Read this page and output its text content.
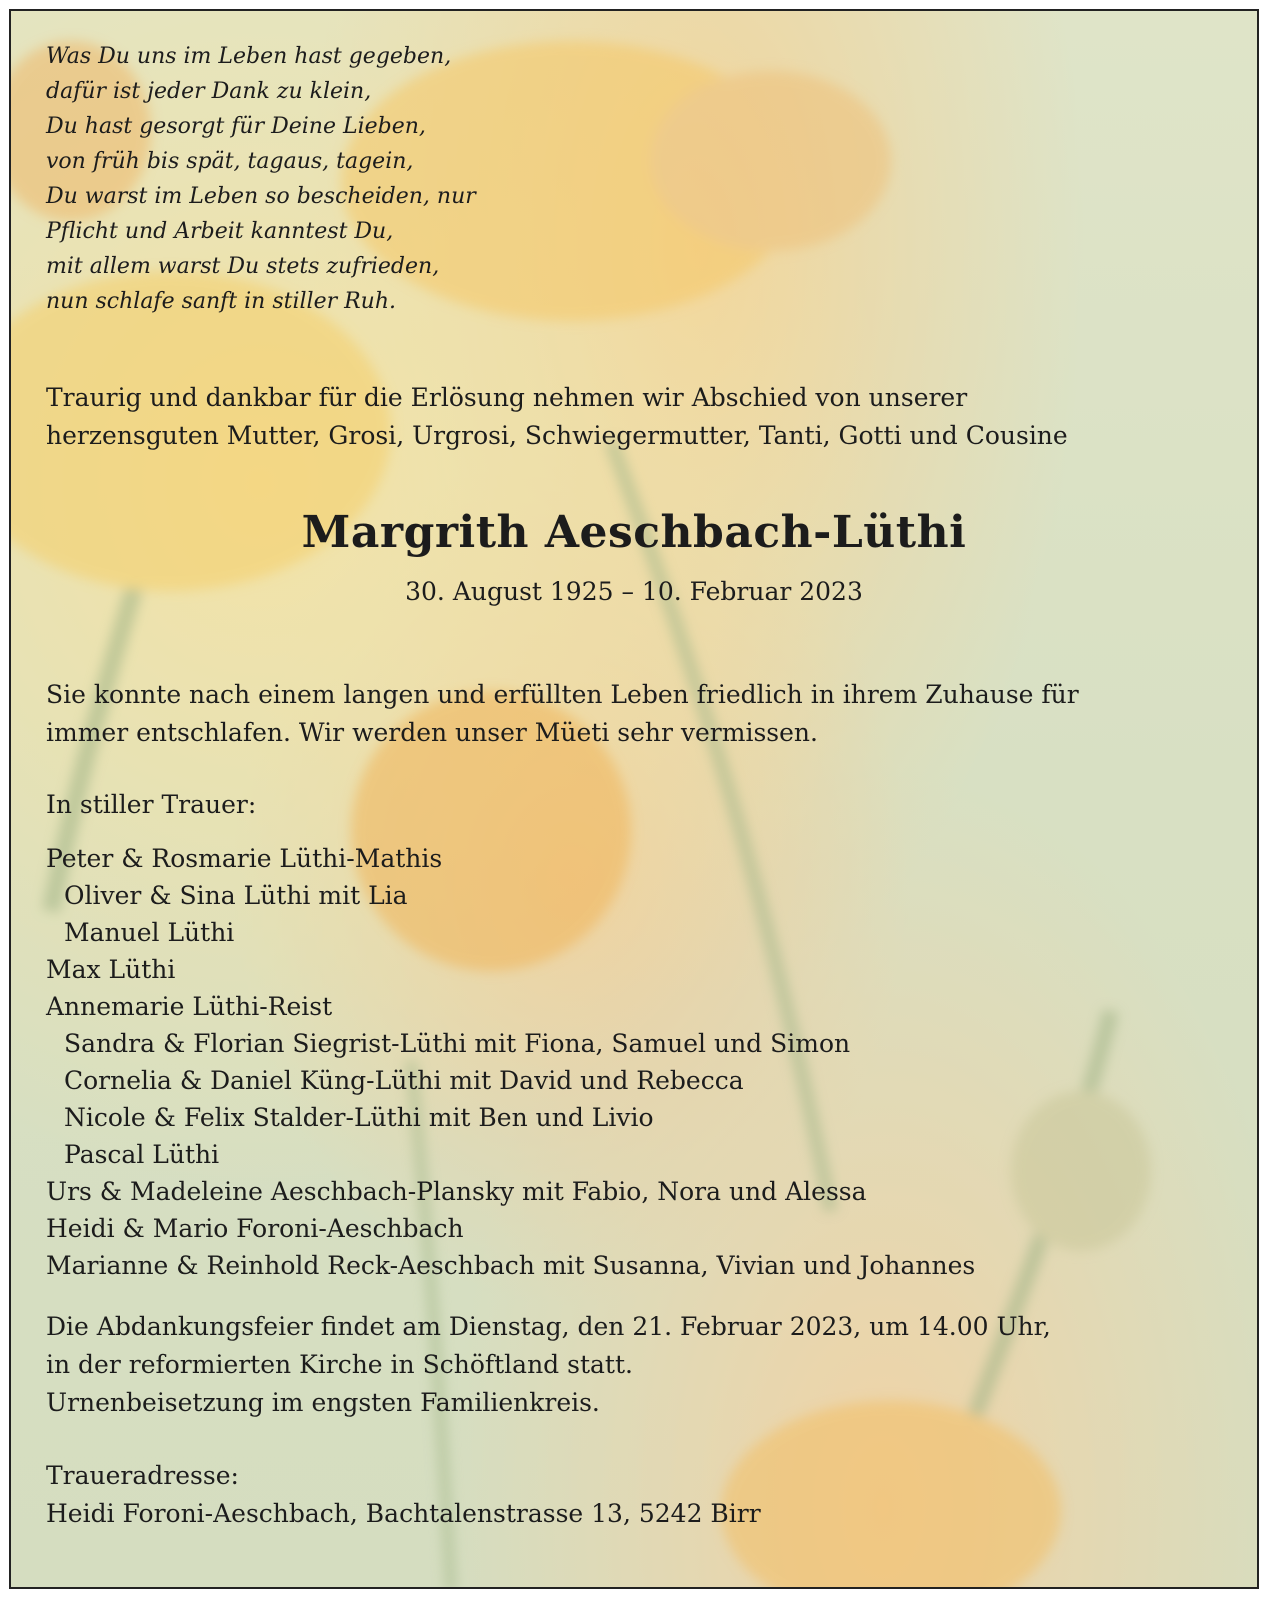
Was Du uns im Leben hast gegeben,
dafür ist jeder Dank zu klein,
Du hast gesorgt für Deine Lieben,
von früh bis spät, tagaus, tagein,
Du warst im Leben so bescheiden, nur
Pflicht und Arbeit kanntest Du,
mit allem warst Du stets zufrieden,
nun schlafe sanft in stiller Ruh.
Traurig und dankbar für die Erlösung nehmen wir Abschied von unserer
herzensguten Mutter, Grosi, Urgrosi, Schwiegermutter, Tanti, Gotti und Cousine
Margrith Aeschbach-Lüthi
30. August 1925 – 10. Februar 2023
Sie konnte nach einem langen und erfüllten Leben friedlich in ihrem Zuhause für
immer entschlafen. Wir werden unser Müeti sehr vermissen.
In stiller Trauer:
Peter & Rosmarie Lüthi-Mathis
Oliver & Sina Lüthi mit Lia
Manuel Lüthi
Max Lüthi
Annemarie Lüthi-Reist
Sandra & Florian Siegrist-Lüthi mit Fiona, Samuel und Simon
Cornelia & Daniel Küng-Lüthi mit David und Rebecca
Nicole & Felix Stalder-Lüthi mit Ben und Livio
Pascal Lüthi
Urs & Madeleine Aeschbach-Plansky mit Fabio, Nora und Alessa
Heidi & Mario Foroni-Aeschbach
Marianne & Reinhold Reck-Aeschbach mit Susanna, Vivian und Johannes
Die Abdankungsfeier findet am Dienstag, den 21. Februar 2023, um 14.00 Uhr,
in der reformierten Kirche in Schöftland statt.
Urnenbeisetzung im engsten Familienkreis.
Traueradresse:
Heidi Foroni-Aeschbach, Bachtalenstrasse 13, 5242 Birr
